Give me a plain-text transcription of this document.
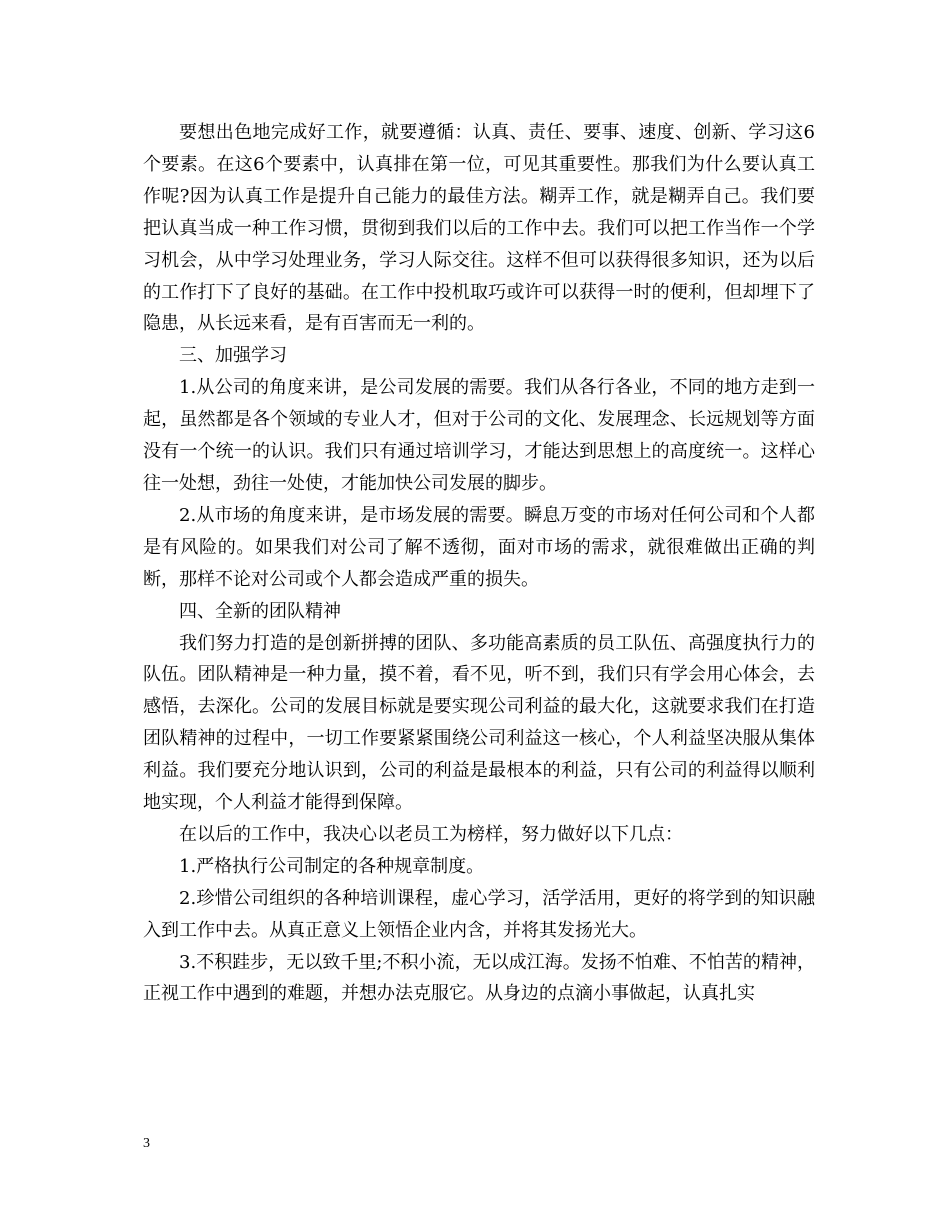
要想出色地完成好工作，就要遵循：认真、责任、要事、速度、创新、学习这6个要素。在这6个要素中，认真排在第一位，可见其重要性。那我们为什么要认真工作呢?因为认真工作是提升自己能力的最佳方法。糊弄工作，就是糊弄自己。我们要把认真当成一种工作习惯，贯彻到我们以后的工作中去。我们可以把工作当作一个学习机会，从中学习处理业务，学习人际交往。这样不但可以获得很多知识，还为以后的工作打下了良好的基础。在工作中投机取巧或许可以获得一时的便利，但却埋下了隐患，从长远来看，是有百害而无一利的。

三、加强学习

1.从公司的角度来讲，是公司发展的需要。我们从各行各业，不同的地方走到一起，虽然都是各个领域的专业人才，但对于公司的文化、发展理念、长远规划等方面没有一个统一的认识。我们只有通过培训学习，才能达到思想上的高度统一。这样心往一处想，劲往一处使，才能加快公司发展的脚步。

2.从市场的角度来讲，是市场发展的需要。瞬息万变的市场对任何公司和个人都是有风险的。如果我们对公司了解不透彻，面对市场的需求，就很难做出正确的判断，那样不论对公司或个人都会造成严重的损失。

四、全新的团队精神

我们努力打造的是创新拼搏的团队、多功能高素质的员工队伍、高强度执行力的队伍。团队精神是一种力量，摸不着，看不见，听不到，我们只有学会用心体会，去感悟，去深化。公司的发展目标就是要实现公司利益的最大化，这就要求我们在打造团队精神的过程中，一切工作要紧紧围绕公司利益这一核心，个人利益坚决服从集体利益。我们要充分地认识到，公司的利益是最根本的利益，只有公司的利益得以顺利地实现，个人利益才能得到保障。

在以后的工作中，我决心以老员工为榜样，努力做好以下几点：

1.严格执行公司制定的各种规章制度。

2.珍惜公司组织的各种培训课程，虚心学习，活学活用，更好的将学到的知识融入到工作中去。从真正意义上领悟企业内含，并将其发扬光大。

3.不积跬步，无以致千里;不积小流，无以成江海。发扬不怕难、不怕苦的精神，正视工作中遇到的难题，并想办法克服它。从身边的点滴小事做起，认真扎实

3
